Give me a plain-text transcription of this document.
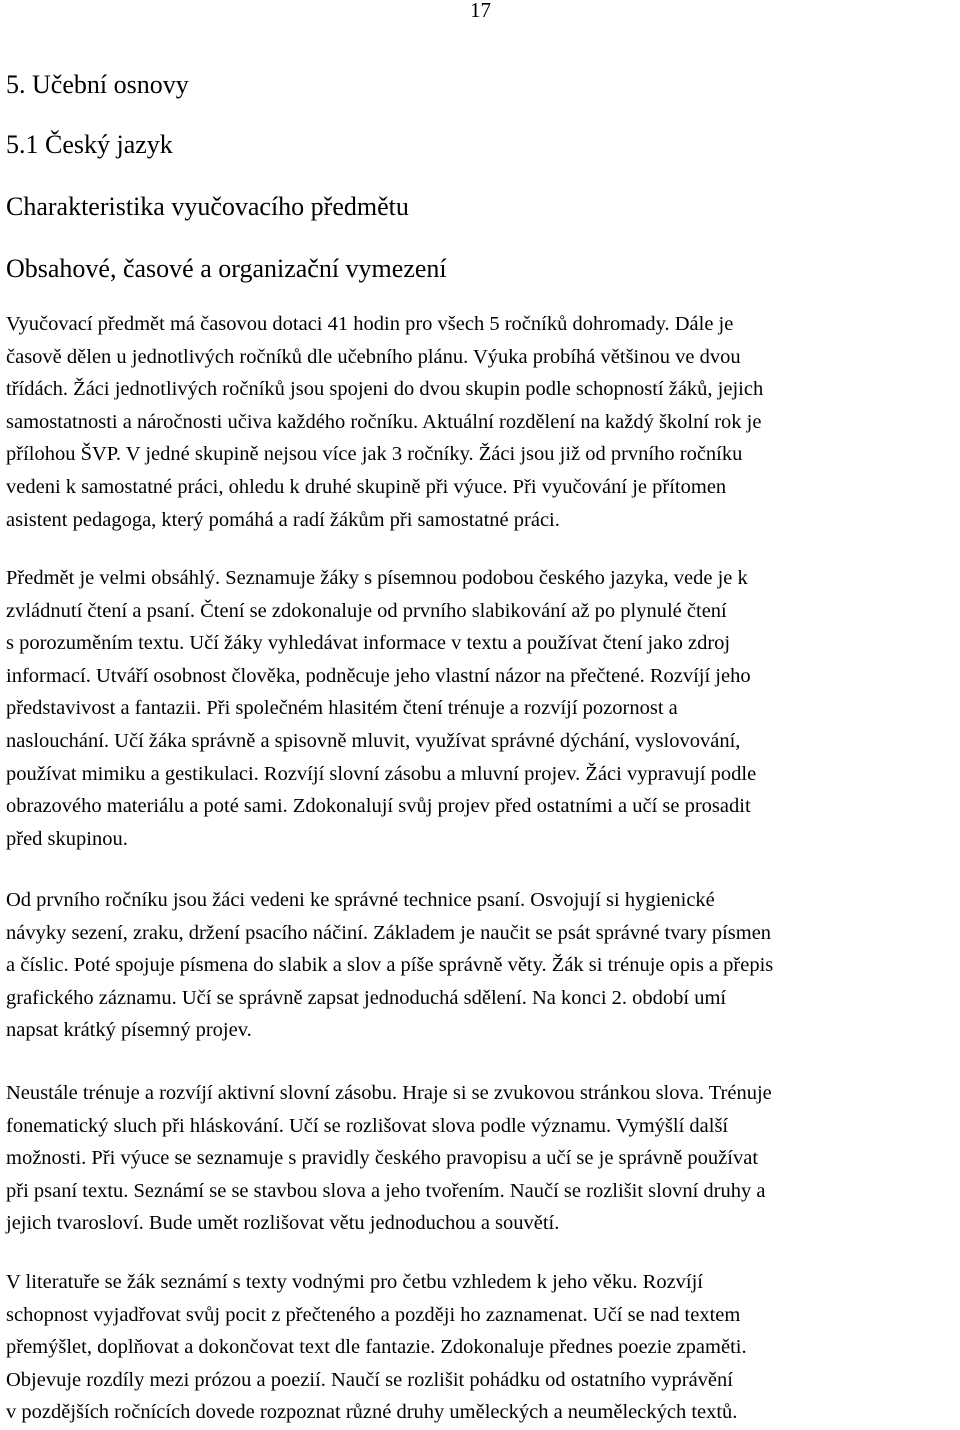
17
5. Učební osnovy
5.1 Český jazyk
Charakteristika vyučovacího předmětu
Obsahové, časové a organizační vymezení
Vyučovací předmět má časovou dotaci 41 hodin pro všech 5 ročníků dohromady. Dále je
časově dělen u jednotlivých ročníků dle učebního plánu. Výuka probíhá většinou ve dvou
třídách. Žáci jednotlivých ročníků jsou spojeni do dvou skupin podle schopností žáků, jejich
samostatnosti a náročnosti učiva každého ročníku. Aktuální rozdělení na každý školní rok je
přílohou ŠVP. V jedné skupině nejsou více jak 3 ročníky. Žáci jsou již od prvního ročníku
vedeni k samostatné práci, ohledu k druhé skupině při výuce. Při vyučování je přítomen
asistent pedagoga, který pomáhá a radí žákům při samostatné práci.
Předmět je velmi obsáhlý. Seznamuje žáky s písemnou podobou českého jazyka, vede je k
zvládnutí čtení a psaní. Čtení se zdokonaluje od prvního slabikování až po plynulé čtení
s porozuměním textu. Učí žáky vyhledávat informace v textu a používat čtení jako zdroj
informací. Utváří osobnost člověka, podněcuje jeho vlastní názor na přečtené. Rozvíjí jeho
představivost a fantazii. Při společném hlasitém čtení trénuje a rozvíjí pozornost a
naslouchání. Učí žáka správně a spisovně mluvit, využívat správné dýchání, vyslovování,
používat mimiku a gestikulaci. Rozvíjí slovní zásobu a mluvní projev. Žáci vypravují podle
obrazového materiálu a poté sami. Zdokonalují svůj projev před ostatními a učí se prosadit
před skupinou.
Od prvního ročníku jsou žáci vedeni ke správné technice psaní. Osvojují si hygienické
návyky sezení, zraku, držení psacího náčiní. Základem je naučit se psát správné tvary písmen
a číslic. Poté spojuje písmena do slabik a slov a píše správně věty. Žák si trénuje opis a přepis
grafického záznamu. Učí se správně zapsat jednoduchá sdělení. Na konci 2. období umí
napsat krátký písemný projev.
Neustále trénuje a rozvíjí aktivní slovní zásobu. Hraje si se zvukovou stránkou slova. Trénuje
fonematický sluch při hláskování. Učí se rozlišovat slova podle významu. Vymýšlí další
možnosti. Při výuce se seznamuje s pravidly českého pravopisu a učí se je správně používat
při psaní textu. Seznámí se se stavbou slova a jeho tvořením. Naučí se rozlišit slovní druhy a
jejich tvarosloví. Bude umět rozlišovat větu jednoduchou a souvětí.
V literatuře se žák seznámí s texty vodnými pro četbu vzhledem k jeho věku. Rozvíjí
schopnost vyjadřovat svůj pocit z přečteného a později ho zaznamenat. Učí se nad textem
přemýšlet, doplňovat a dokončovat text dle fantazie. Zdokonaluje přednes poezie zpaměti.
Objevuje rozdíly mezi prózou a poezií. Naučí se rozlišit pohádku od ostatního vyprávění
v pozdějších ročnících dovede rozpoznat různé druhy uměleckých a neuměleckých textů.
